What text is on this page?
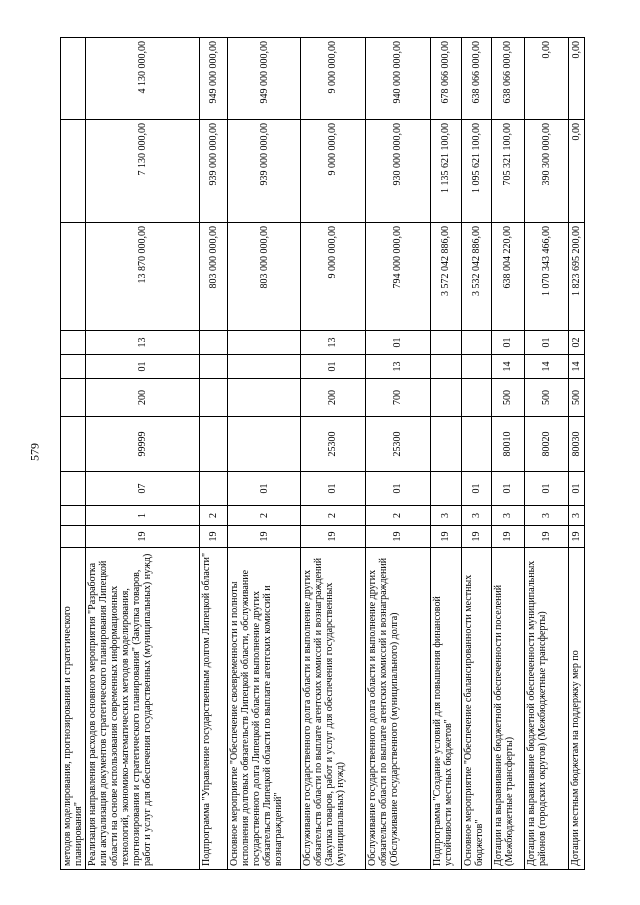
579
методов моделирования, прогнозирования и стратегического планирования"										
Реализация направления расходов основного мероприятия "Разработка или актуализация документов стратегического планирования Липецкой области на основе использования современных информационных технологий, экономико-математических методов моделирования, прогнозирования и стратегического планирования" (Закупка товаров, работ и услуг для обеспечения государственных (муниципальных) нужд)	19	1	07	99999	200	01	13	13 870 000,00	7 130 000,00	4 130 000,00
Подпрограмма "Управление государственным долгом Липецкой области"	19	2						803 000 000,00	939 000 000,00	949 000 000,00
Основное мероприятие "Обеспечение своевременности и полноты исполнения долговых обязательств Липецкой области, обслуживание государственного долга Липецкой области и выполнение других обязательств Липецкой области по выплате агентских комиссий и вознаграждений"	19	2	01					803 000 000,00	939 000 000,00	949 000 000,00
Обслуживание государственного долга области и выполнение других обязательств области по выплате агентских комиссий и вознаграждений (Закупка товаров, работ и услуг для обеспечения государственных (муниципальных) нужд)	19	2	01	25300	200	01	13	9 000 000,00	9 000 000,00	9 000 000,00
Обслуживание государственного долга области и выполнение других обязательств области по выплате агентских комиссий и вознаграждений (Обслуживание государственного (муниципального) долга)	19	2	01	25300	700	13	01	794 000 000,00	930 000 000,00	940 000 000,00
Подпрограмма "Создание условий для повышения финансовой устойчивости местных бюджетов"	19	3						3 572 042 886,00	1 135 621 100,00	678 066 000,00
Основное мероприятие "Обеспечение сбалансированности местных бюджетов"	19	3	01					3 532 042 886,00	1 095 621 100,00	638 066 000,00
Дотации на выравнивание бюджетной обеспеченности поселений (Межбюджетные трансферты)	19	3	01	80010	500	14	01	638 004 220,00	705 321 100,00	638 066 000,00
Дотации на выравнивание бюджетной обеспеченности муниципальных районов (городских округов) (Межбюджетные трансферты)	19	3	01	80020	500	14	01	1 070 343 466,00	390 300 000,00	0,00
Дотации местным бюджетам на поддержку мер по	19	3	01	80030	500	14	02	1 823 695 200,00	0,00	0,00
